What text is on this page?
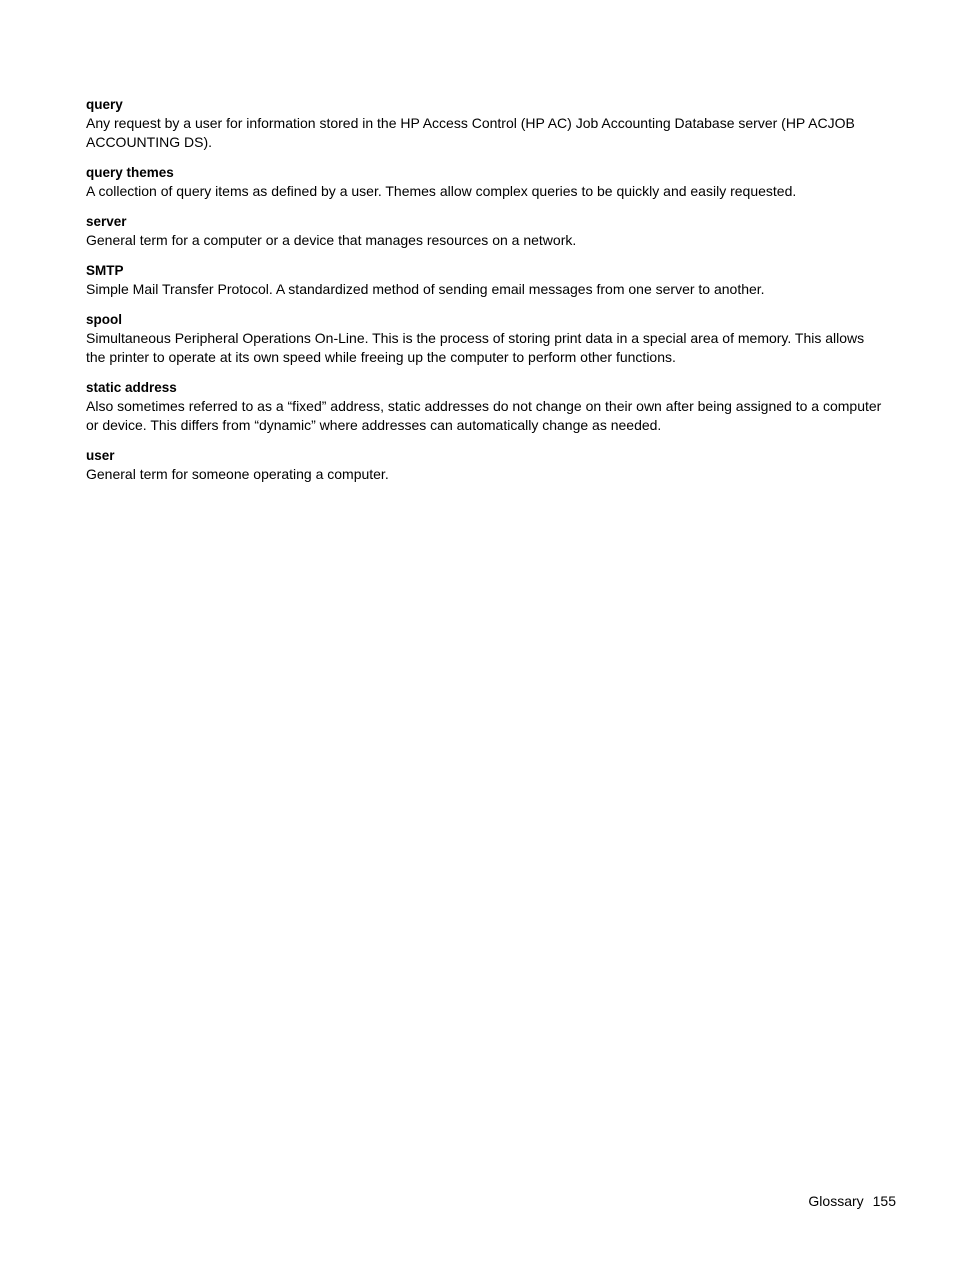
query

Any request by a user for information stored in the HP Access Control (HP AC) Job Accounting Database server (HP ACJOB ACCOUNTING DS).

query themes

A collection of query items as defined by a user. Themes allow complex queries to be quickly and easily requested.

server

General term for a computer or a device that manages resources on a network.

SMTP

Simple Mail Transfer Protocol. A standardized method of sending email messages from one server to another.

spool

Simultaneous Peripheral Operations On-Line. This is the process of storing print data in a special area of memory. This allows the printer to operate at its own speed while freeing up the computer to perform other functions.

static address

Also sometimes referred to as a “fixed” address, static addresses do not change on their own after being assigned to a computer or device. This differs from “dynamic” where addresses can automatically change as needed.

user

General term for someone operating a computer.

Glossary 155
